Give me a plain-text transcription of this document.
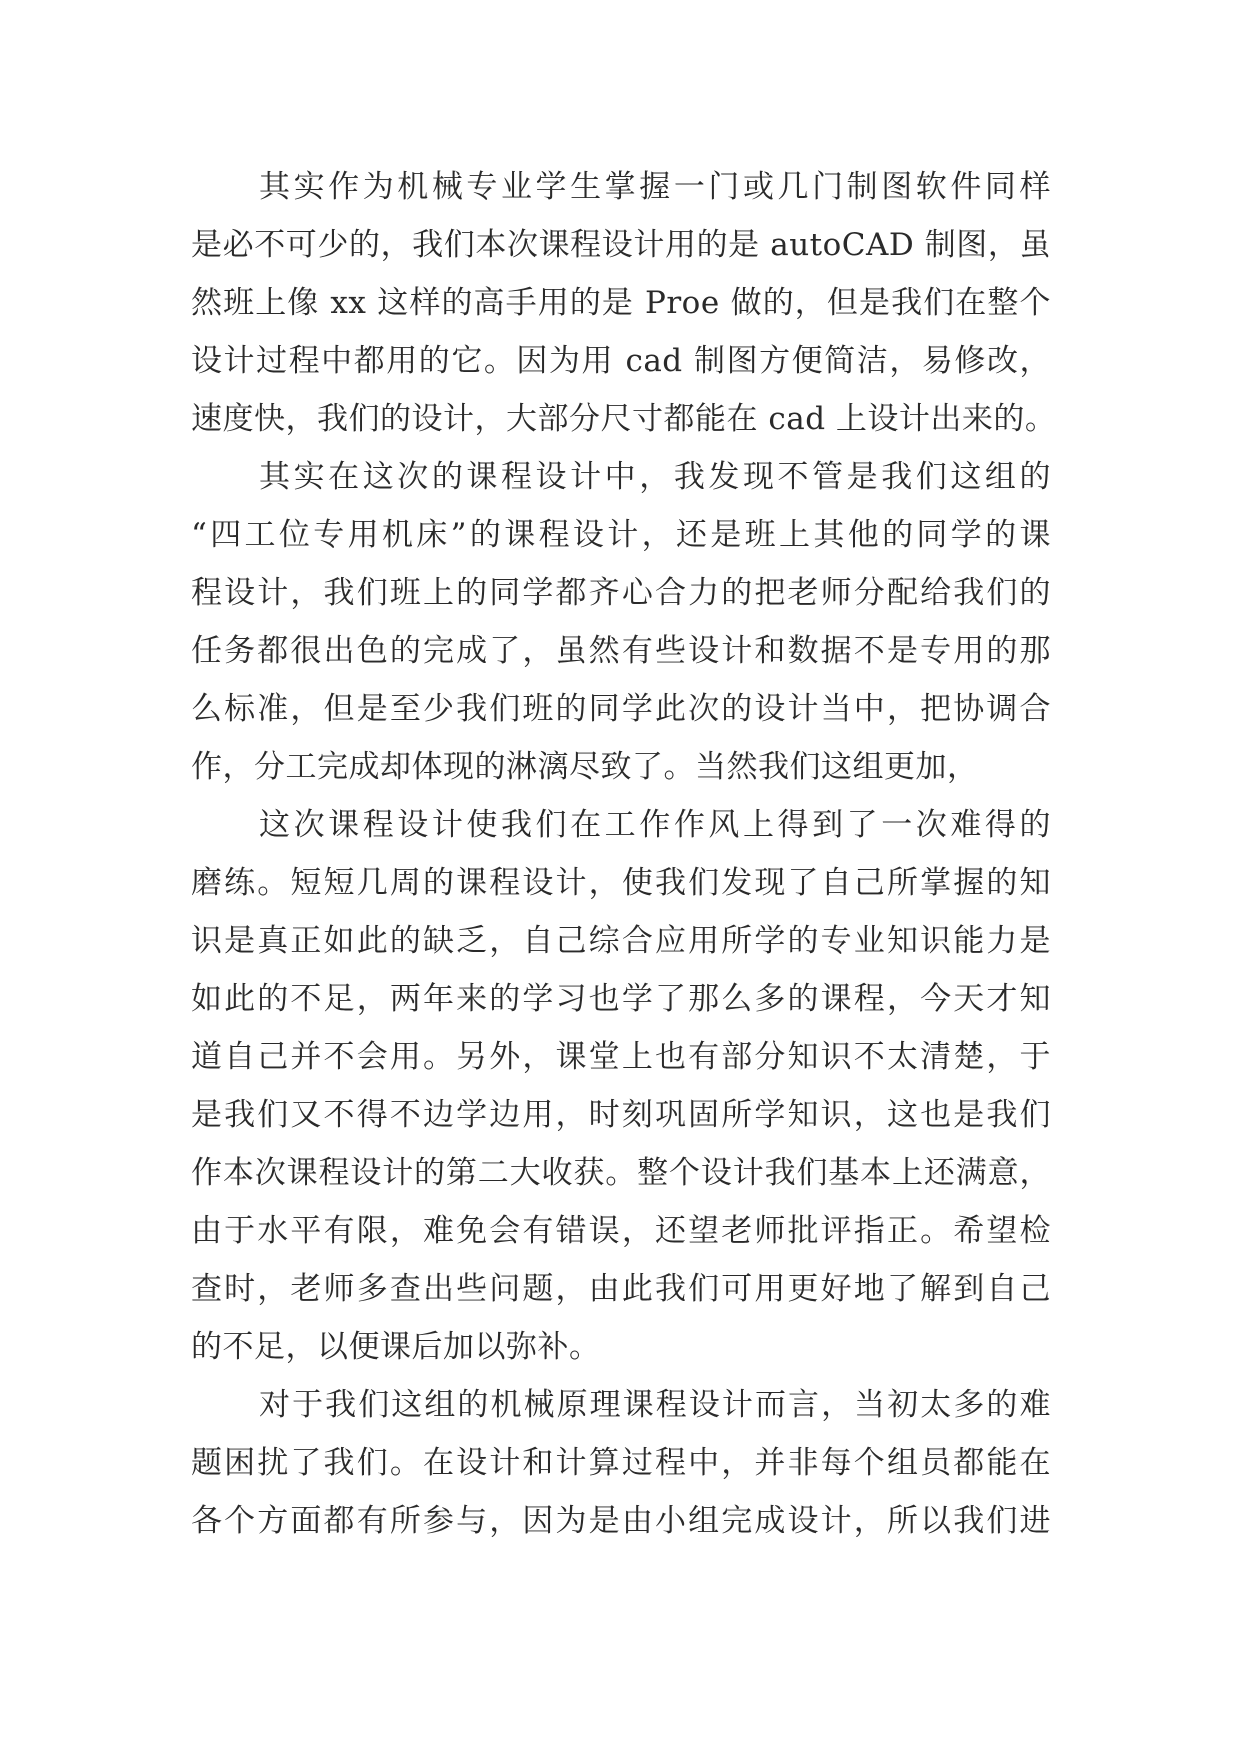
其实作为机械专业学生掌握一门或几门制图软件同样
是必不可少的，我们本次课程设计用的是 autoCAD 制图，虽
然班上像 xx 这样的高手用的是 Proe 做的，但是我们在整个
设计过程中都用的它。因为用 cad 制图方便简洁，易修改，
速度快，我们的设计，大部分尺寸都能在 cad 上设计出来的。
其实在这次的课程设计中，我发现不管是我们这组的
“四工位专用机床”的课程设计，还是班上其他的同学的课
程设计，我们班上的同学都齐心合力的把老师分配给我们的
任务都很出色的完成了，虽然有些设计和数据不是专用的那
么标准，但是至少我们班的同学此次的设计当中，把协调合
作，分工完成却体现的淋漓尽致了。当然我们这组更加，
这次课程设计使我们在工作作风上得到了一次难得的
磨练。短短几周的课程设计，使我们发现了自己所掌握的知
识是真正如此的缺乏，自己综合应用所学的专业知识能力是
如此的不足，两年来的学习也学了那么多的课程，今天才知
道自己并不会用。另外，课堂上也有部分知识不太清楚，于
是我们又不得不边学边用，时刻巩固所学知识，这也是我们
作本次课程设计的第二大收获。整个设计我们基本上还满意，
由于水平有限，难免会有错误，还望老师批评指正。希望检
查时，老师多查出些问题，由此我们可用更好地了解到自己
的不足，以便课后加以弥补。
对于我们这组的机械原理课程设计而言，当初太多的难
题困扰了我们。在设计和计算过程中，并非每个组员都能在
各个方面都有所参与，因为是由小组完成设计，所以我们进
